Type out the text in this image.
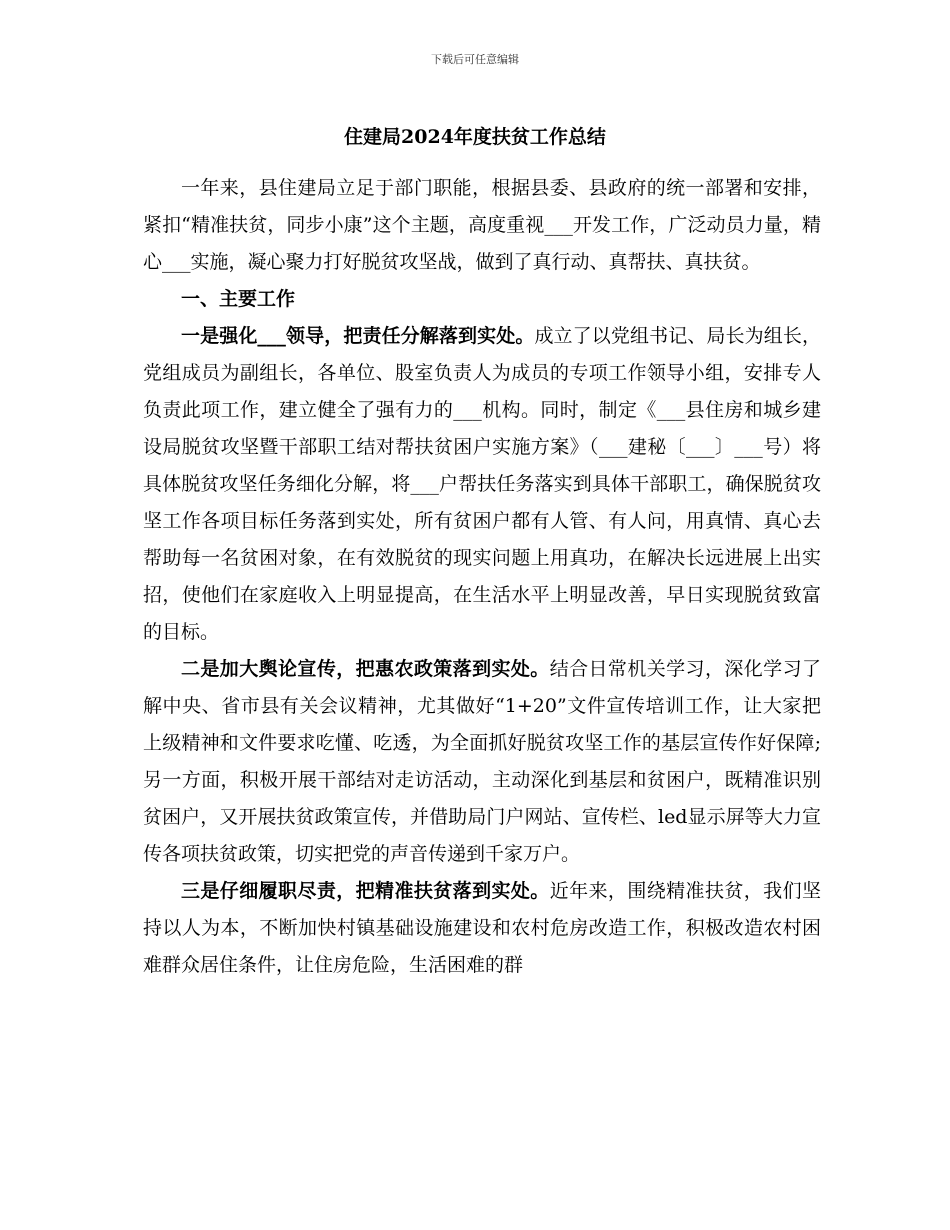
下载后可任意编辑
住建局2024年度扶贫工作总结

一年来，县住建局立足于部门职能，根据县委、县政府的统一部署和安排，紧扣“精准扶贫，同步小康”这个主题，高度重视___开发工作，广泛动员力量，精心___实施，凝心聚力打好脱贫攻坚战，做到了真行动、真帮扶、真扶贫。

一、主要工作

一是强化___领导，把责任分解落到实处。成立了以党组书记、局长为组长，党组成员为副组长，各单位、股室负责人为成员的专项工作领导小组，安排专人负责此项工作，建立健全了强有力的___机构。同时，制定《___县住房和城乡建设局脱贫攻坚暨干部职工结对帮扶贫困户实施方案》（___建秘〔___〕___号）将具体脱贫攻坚任务细化分解，将___户帮扶任务落实到具体干部职工，确保脱贫攻坚工作各项目标任务落到实处，所有贫困户都有人管、有人问，用真情、真心去帮助每一名贫困对象，在有效脱贫的现实问题上用真功，在解决长远进展上出实招，使他们在家庭收入上明显提高，在生活水平上明显改善，早日实现脱贫致富的目标。

二是加大舆论宣传，把惠农政策落到实处。结合日常机关学习，深化学习了解中央、省市县有关会议精神，尤其做好“1+20”文件宣传培训工作，让大家把上级精神和文件要求吃懂、吃透，为全面抓好脱贫攻坚工作的基层宣传作好保障;另一方面，积极开展干部结对走访活动，主动深化到基层和贫困户，既精准识别贫困户，又开展扶贫政策宣传，并借助局门户网站、宣传栏、led显示屏等大力宣传各项扶贫政策，切实把党的声音传递到千家万户。

三是仔细履职尽责，把精准扶贫落到实处。近年来，围绕精准扶贫，我们坚持以人为本，不断加快村镇基础设施建设和农村危房改造工作，积极改造农村困难群众居住条件，让住房危险，生活困难的群
